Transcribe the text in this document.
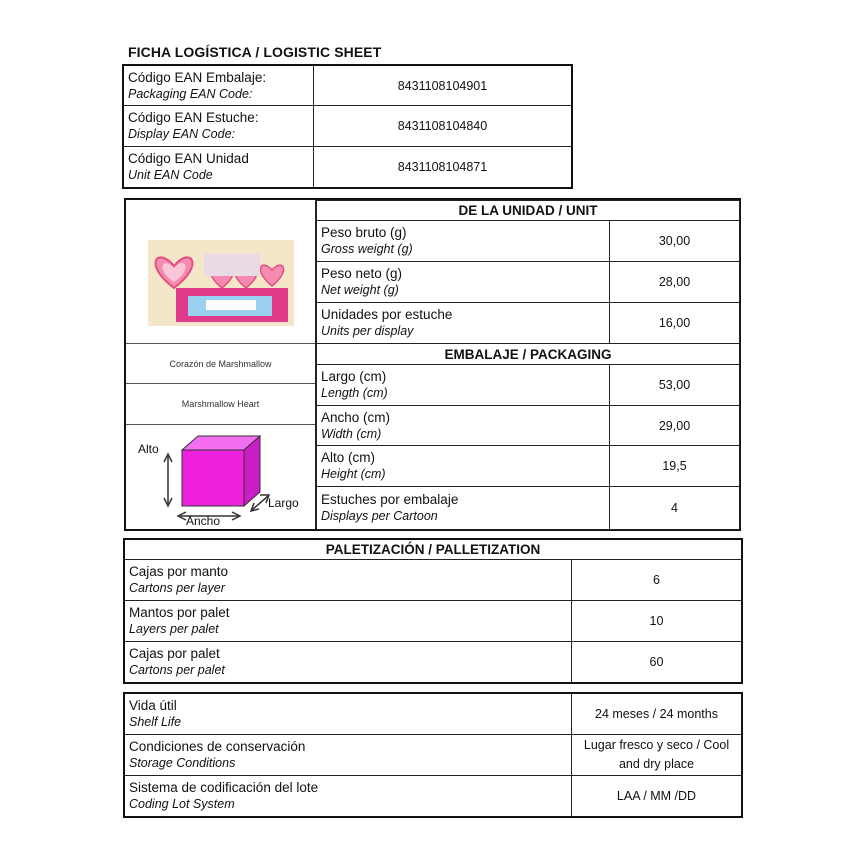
FICHA LOGÍSTICA / LOGISTIC SHEET
Código EAN Embalaje:
Packaging EAN Code:	8431108104901

Código EAN Estuche:
Display EAN Code:	8431108104840

Código EAN Unidad
Unit EAN Code	8431108104871
Corazón de Marshmallow
Marshmallow Heart
Alto
Ancho
Largo
DE LA UNIDAD / UNIT	

Peso bruto (g)
Gross weight (g)	30,00

Peso neto (g)
Net weight (g)	28,00

Unidades por estuche
Units per display	16,00
EMBALAJE / PACKAGING	

Largo (cm)
Length (cm)	53,00

Ancho (cm)
Width (cm)	29,00

Alto (cm)
Height (cm)	19,5

Estuches por embalaje
Displays per Cartoon	4
PALETIZACIÓN / PALLETIZATION	

Cajas por manto
Cartons per layer	6

Mantos por palet
Layers per palet	10

Cajas por palet
Cartons per palet	60
Vida útil
Shelf Life	24 meses / 24 months

Condiciones de conservación
Storage Conditions	Lugar fresco y seco / Cool and dry place

Sistema de codificación del lote
Coding Lot System	LAA / MM /DD
